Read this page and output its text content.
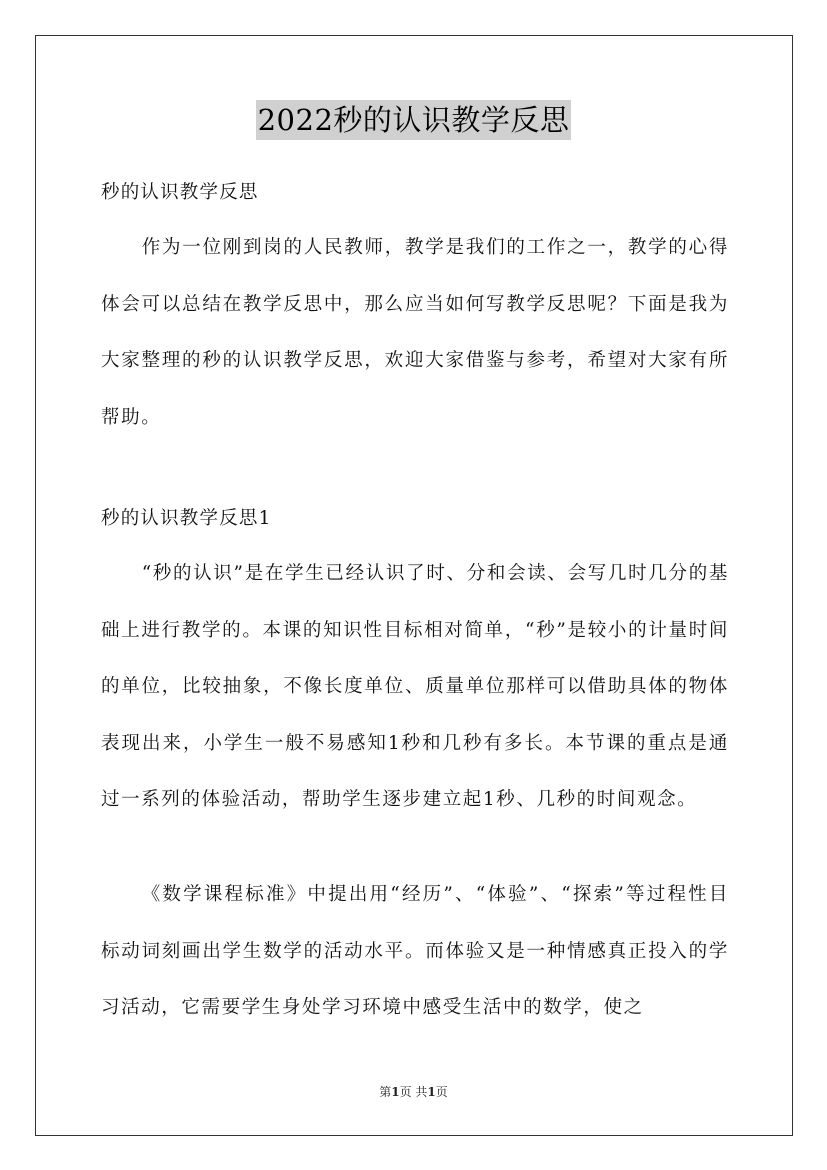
2022秒的认识教学反思

秒的认识教学反思

作为一位刚到岗的人民教师，教学是我们的工作之一，教学的心得体会可以总结在教学反思中，那么应当如何写教学反思呢？下面是我为大家整理的秒的认识教学反思，欢迎大家借鉴与参考，希望对大家有所帮助。

秒的认识教学反思1

“秒的认识”是在学生已经认识了时、分和会读、会写几时几分的基础上进行教学的。本课的知识性目标相对简单，“秒”是较小的计量时间的单位，比较抽象，不像长度单位、质量单位那样可以借助具体的物体表现出来，小学生一般不易感知1秒和几秒有多长。本节课的重点是通过一系列的体验活动，帮助学生逐步建立起1秒、几秒的时间观念。

《数学课程标准》中提出用“经历”、“体验”、“探索”等过程性目标动词刻画出学生数学的活动水平。而体验又是一种情感真正投入的学习活动，它需要学生身处学习环境中感受生活中的数学，使之

第1页 共1页
